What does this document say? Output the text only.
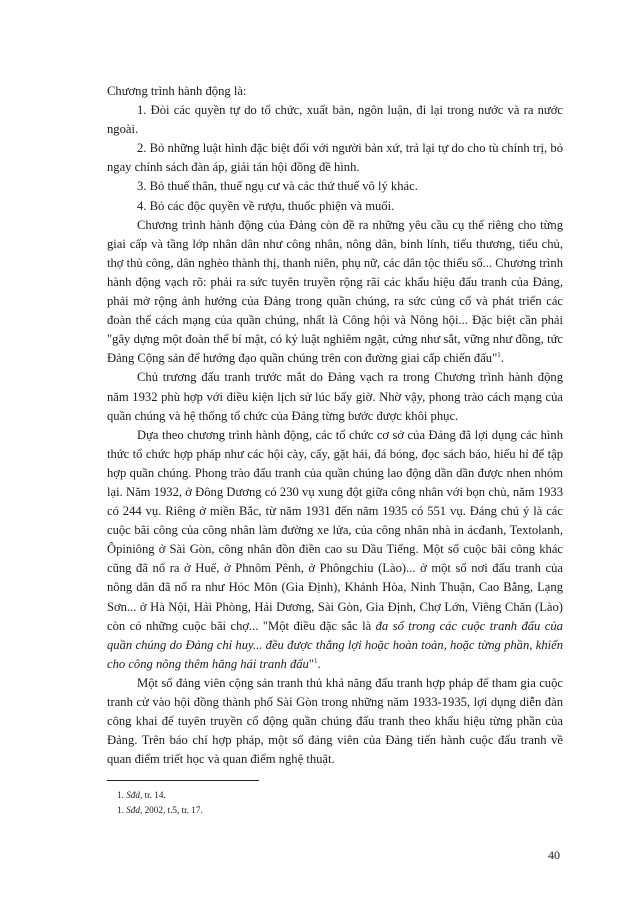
Chương trình hành động là:

1. Đòi các quyền tự do tổ chức, xuất bản, ngôn luận, đi lại trong nước và ra nước ngoài.

2. Bỏ những luật hình đặc biệt đối với người bản xứ, trả lại tự do cho tù chính trị, bỏ ngay chính sách đàn áp, giải tán hội đồng đề hình.

3. Bỏ thuế thân, thuế ngụ cư và các thứ thuế vô lý khác.

4. Bỏ các độc quyền về rượu, thuốc phiện và muối.

Chương trình hành động của Đảng còn đề ra những yêu cầu cụ thể riêng cho từng giai cấp và tầng lớp nhân dân như công nhân, nông dân, binh lính, tiểu thương, tiểu chủ, thợ thủ công, dân nghèo thành thị, thanh niên, phụ nữ, các dân tộc thiểu số... Chương trình hành động vạch rõ: phải ra sức tuyên truyền rộng rãi các khẩu hiệu đấu tranh của Đảng, phải mở rộng ảnh hưởng của Đảng trong quần chúng, ra sức củng cố và phát triển các đoàn thể cách mạng của quần chúng, nhất là Công hội và Nông hội... Đặc biệt cần phải "gây dựng một đoàn thể bí mật, có kỷ luật nghiêm ngặt, cứng như sắt, vững như đồng, tức Đảng Cộng sản để hướng đạo quần chúng trên con đường giai cấp chiến đấu"$^1$.

Chủ trương đấu tranh trước mắt do Đảng vạch ra trong Chương trình hành động năm 1932 phù hợp với điều kiện lịch sử lúc bấy giờ. Nhờ vậy, phong trào cách mạng của quần chúng và hệ thống tổ chức của Đảng từng bước được khôi phục.

Dựa theo chương trình hành động, các tổ chức cơ sở của Đảng đã lợi dụng các hình thức tổ chức hợp pháp như các hội cày, cấy, gặt hái, đá bóng, đọc sách báo, hiếu hỉ để tập hợp quần chúng. Phong trào đấu tranh của quần chúng lao động dần dần được nhen nhóm lại. Năm 1932, ở Đông Dương có 230 vụ xung đột giữa công nhân với bọn chủ, năm 1933 có 244 vụ. Riêng ở miền Bắc, từ năm 1931 đến năm 1935 có 551 vụ. Đáng chú ý là các cuộc bãi công của công nhân làm đường xe lửa, của công nhân nhà in ácđanh, Textolanh, Ôpiniông ở Sài Gòn, công nhân đồn điền cao su Dầu Tiếng. Một số cuộc bãi công khác cũng đã nổ ra ở Huế, ở Phnôm Pênh, ở Phôngchiu (Lào)... ở một số nơi đấu tranh của nông dân đã nổ ra như Hóc Môn (Gia Định), Khánh Hòa, Ninh Thuận, Cao Bằng, Lạng Sơn... ở Hà Nội, Hải Phòng, Hải Dương, Sài Gòn, Gia Định, Chợ Lớn, Viêng Chăn (Lào) còn có những cuộc bãi chợ... "Một điều đặc sắc là đa số trong các cuộc tranh đấu của quần chúng do Đảng chỉ huy... đều được thắng lợi hoặc hoàn toàn, hoặc từng phần, khiến cho công nông thêm hăng hái tranh đấu"$^1$.

Một số đảng viên cộng sản tranh thủ khả năng đấu tranh hợp pháp để tham gia cuộc tranh cử vào hội đồng thành phố Sài Gòn trong những năm 1933-1935, lợi dụng diễn đàn công khai để tuyên truyền cổ động quần chúng đấu tranh theo khẩu hiệu từng phần của Đảng. Trên báo chí hợp pháp, một số đảng viên của Đảng tiến hành cuộc đấu tranh về quan điểm triết học và quan điểm nghệ thuật.

1. Sđd, tr. 14.
1. Sđd, 2002, t.5, tr. 17.
40
